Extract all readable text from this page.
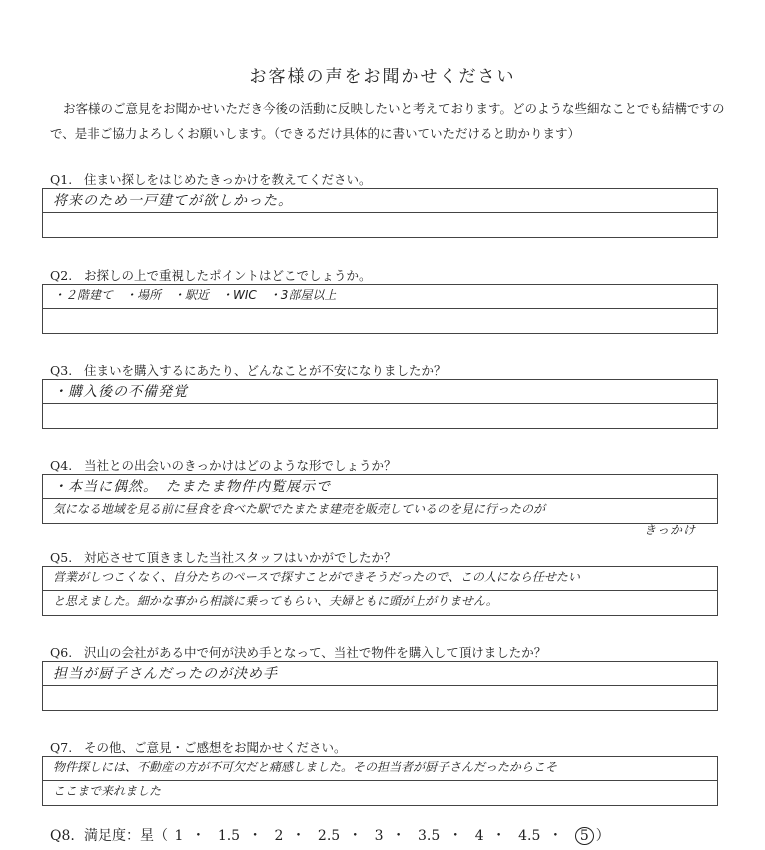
お客様の声をお聞かせください
お客様のご意見をお聞かせいただき今後の活動に反映したいと考えております。どのような些細なことでも結構ですので、是非ご協力よろしくお願いします。（できるだけ具体的に書いていただけると助かります）
Q1. 住まい探しをはじめたきっかけを教えてください。
将来のため一戸建てが欲しかった。
Q2. お探しの上で重視したポイントはどこでしょうか。
・２階建て　・場所　・駅近　・WIC　・3部屋以上
Q3. 住まいを購入するにあたり、どんなことが不安になりましたか？
・購入後の不備発覚
Q4. 当社との出会いのきっかけはどのような形でしょうか？
・本当に偶然。　たまたま物件内覧展示で
気になる地域を見る前に昼食を食べた駅でたまたま建売を販売しているのを見に行ったのが
きっかけ
Q5. 対応させて頂きました当社スタッフはいかがでしたか？
営業がしつこくなく、自分たちのペースで探すことができそうだったので、この人になら任せたい
と思えました。細かな事から相談に乗ってもらい、夫婦ともに頭が上がりません。
Q6. 沢山の会社がある中で何が決め手となって、当社で物件を購入して頂けましたか？
担当が厨子さんだったのが決め手
Q7. その他、ご意見・ご感想をお聞かせください。
物件探しには、不動産の方が不可欠だと痛感しました。その担当者が厨子さんだったからこそ
ここまで来れました
Q8. 満足度：星（ 1 ・ 1.5 ・ 2 ・ 2.5 ・ 3 ・ 3.5 ・ 4 ・ 4.5 ・ 5 ）
